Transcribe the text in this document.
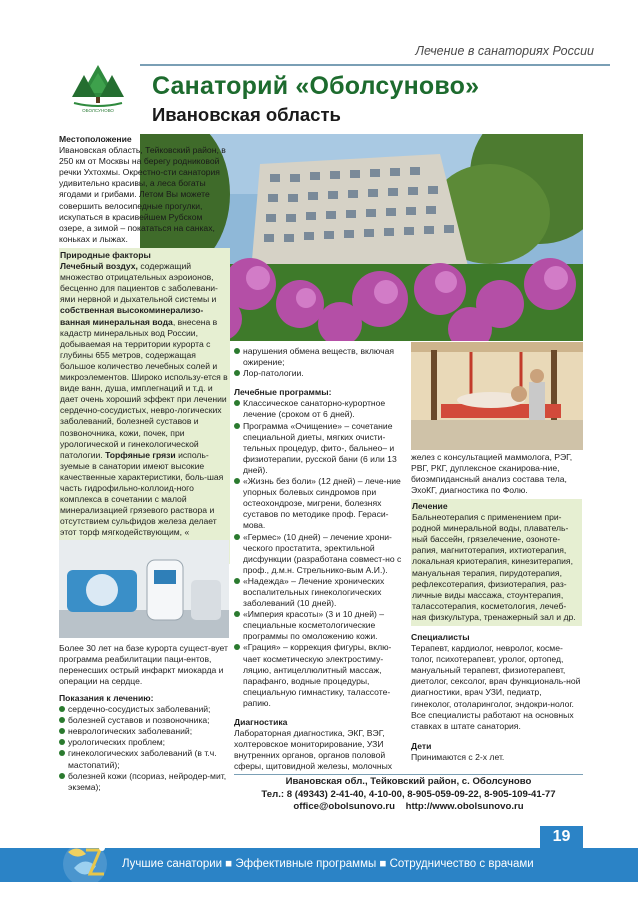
Лечение в санаториях России
ОБОЛСУНОВО
Санаторий «Оболсуново»
Ивановская область
Природные факторы
Лечебный воздух, содержащий множество отрицательных аэроионов, бесценно для пациентов с заболевани-ями нервной и дыхательной системы и собственная высокоминерализо-ванная минеральная вода, внесена в кадастр минеральных вод России, добываемая на территории курорта с глубины 655 метров, содержащая большое количество лечебных солей и микроэлементов. Широко использу-ется в виде ванн, душа, имплегнаций и т.д. и дает очень хороший эффект при лечении сердечно-сосудистых, невро-логических заболеваний, болезней суставов и позвоночника, кожи, почек, при урологической и гинекологической патологии. Торфяные грязи исполь-зуемые в санатории имеют высокие качественные характеристики, боль-шая часть гидрофильно-коллоид-ного комплекса в сочетании с малой минерализацией грязевого раствора и отсутствием сульфидов железа делает этот торф мягкодействующим, «
Более 30 лет на базе курорта сущест-вует программа реабилитации паци-ентов, перенесших острый инфаркт миокарда и операции на сердце.
Показания к лечению:
сердечно-сосудистых заболеваний;
болезней суставов и позвоночника;
неврологических заболеваний;
урологических проблем;
гинекологических заболеваний (в т.ч. мастопатий);
болезней кожи (псориаз, нейродер-мит, экзема);
нарушения обмена веществ, включая ожирение;
Лор-патологии.
Лечебные программы:
Классическое санаторно-курортное лечение (сроком от 6 дней).
Программа «Очищение» – сочетание специальной диеты, мягких очисти-тельных процедур, фито-, бальнео– и физиотерапии, русской бани (6 или 13 дней).
«Жизнь без боли» (12 дней) – лече-ние упорных болевых синдромов при остеохондрозе, мигрени, болезнях суставов по методике проф. Гераси-мова.
«Гермес» (10 дней) – лечение хрони-ческого простатита, эректильной дисфункции (разработана совмест-но с проф., д.м.н. Стрельнико-вым А.И.).
«Надежда» – Лечение хронических воспалительных гинекологических заболеваний (10 дней).
«Империя красоты» (3 и 10 дней) – специальные косметологические программы по омоложению кожи.
«Грация» – коррекция фигуры, вклю-чает косметическую электростиму-ляцию, антицеллюлитный массаж, парафанго, водные процедуры, специальную гимнастику, талассоте-рапию.
Диагностика
Лабораторная диагностика, ЭКГ, ВЭГ, холтеровское мониторирование, УЗИ внутренних органов, органов половой сферы, щитовидной железы, молочных
желез с консультацией маммолога, РЭГ, РВГ, РКГ, дуплексное сканирова-ние, биоэмпидансный анализ состава тела, ЭхоКГ, диагностика по Фолю.
Лечение
Бальнеотерапия с применением при-родной минеральной воды, плаватель-ный бассейн, грязелечение, озоноте-рапия, магнитотерапия, ихтиотерапия, локальная криотерапия, кинезитерапия, мануальная терапия, пирудотерапия, рефлексотерапия, физиотерапия, раз-личные виды массажа, стоунтерапия, талассотерапия, косметология, лечеб-ная физкультура, тренажерный зал и др.
Специалисты
Терапевт, кардиолог, невролог, косме-толог, психотерапевт, уролог, ортопед, мануальный терапевт, физиотерапевт, диетолог, сексолог, врач функциональ-ной диагностики, врач УЗИ, педиатр, гинеколог, отоларинголог, эндокри-нолог. Все специалисты работают на основных ставках в штате санатория.
Дети
Принимаются с 2-х лет.
Ивановская обл., Тейковский район, с. Оболсуново
Тел.: 8 (49343) 2-41-40, 4-10-00, 8-905-059-09-22, 8-905-109-41-77
office@obolsunovo.ru    http://www.obolsunovo.ru
19
Лучшие санатории ■ Эффективные программы ■ Сотрудничество с врачами
Местоположение
Ивановская область, Тейковский район, в 250 км от Москвы на берегу родниковой речки Ухтохмы. Окрестно-сти санатория удивительно красивы, а леса богаты ягодами и грибами. Летом Вы можете совершить велосипедные прогулки, искупаться в красивейшем Рубском озере, а зимой – покататься на санках, коньках и лыжах.
